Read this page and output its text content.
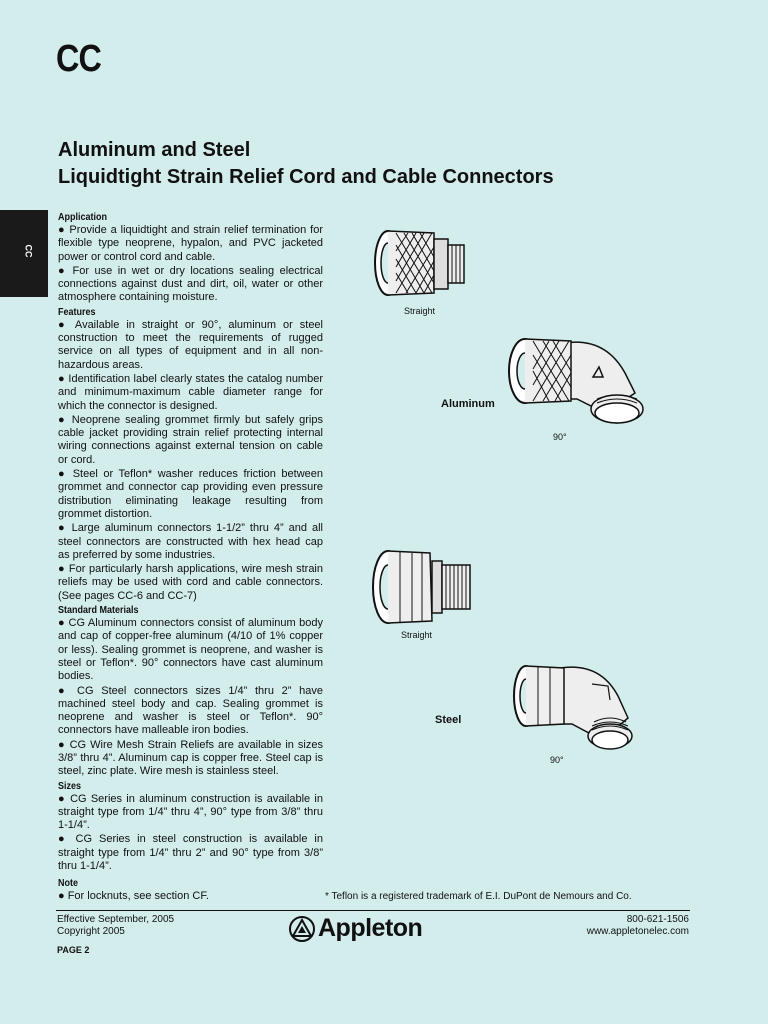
CC
Aluminum and Steel
Liquidtight Strain Relief Cord and Cable Connectors
CC
Application

● Provide a liquidtight and strain relief termination for flexible type neoprene, hypalon, and PVC jacketed power or control cord and cable.

● For use in wet or dry locations sealing electrical connections against dust and dirt, oil, water or other atmosphere containing moisture.

Features

● Available in straight or 90°, aluminum or steel construction to meet the requirements of rugged service on all types of equipment and in all non-hazardous areas.

● Identification label clearly states the catalog number and minimum-maximum cable diameter range for which the connector is designed.

● Neoprene sealing grommet firmly but safely grips cable jacket providing strain relief protecting internal wiring connections against external tension on cable or cord.

● Steel or Teflon* washer reduces friction between grommet and connector cap providing even pressure distribution eliminating leakage resulting from grommet distortion.

● Large aluminum connectors 1-1/2” thru 4” and all steel connectors are constructed with hex head cap as preferred by some industries.

● For particularly harsh applications, wire mesh strain reliefs may be used with cord and cable connectors. (See pages CC-6 and CC-7)

Standard Materials

● CG Aluminum connectors consist of aluminum body and cap of copper-free aluminum (4/10 of 1% copper or less). Sealing grommet is neoprene, and washer is steel or Teflon*. 90° connectors have cast aluminum bodies.

● CG Steel connectors sizes 1/4” thru 2” have machined steel body and cap. Sealing grommet is neoprene and washer is steel or Teflon*. 90° connectors have malleable iron bodies.

● CG Wire Mesh Strain Reliefs are available in sizes 3/8” thru 4”. Aluminum cap is copper free. Steel cap is steel, zinc plate. Wire mesh is stainless steel.

Sizes

● CG Series in aluminum construction is available in straight type from 1/4” thru 4”, 90° type from 3/8” thru 1-1/4”.

● CG Series in steel construction is available in straight type from 1/4” thru 2” and 90° type from 3/8” thru 1-1/4”.

Note

● For locknuts, see section CF.

Straight
Aluminum
90°
Straight
Steel
90°
* Teflon is a registered trademark of E.I. DuPont de Nemours and Co.
Effective September, 2005
Copyright 2005
PAGE 2
Appleton	800-621-1506
www.appletonelec.com
